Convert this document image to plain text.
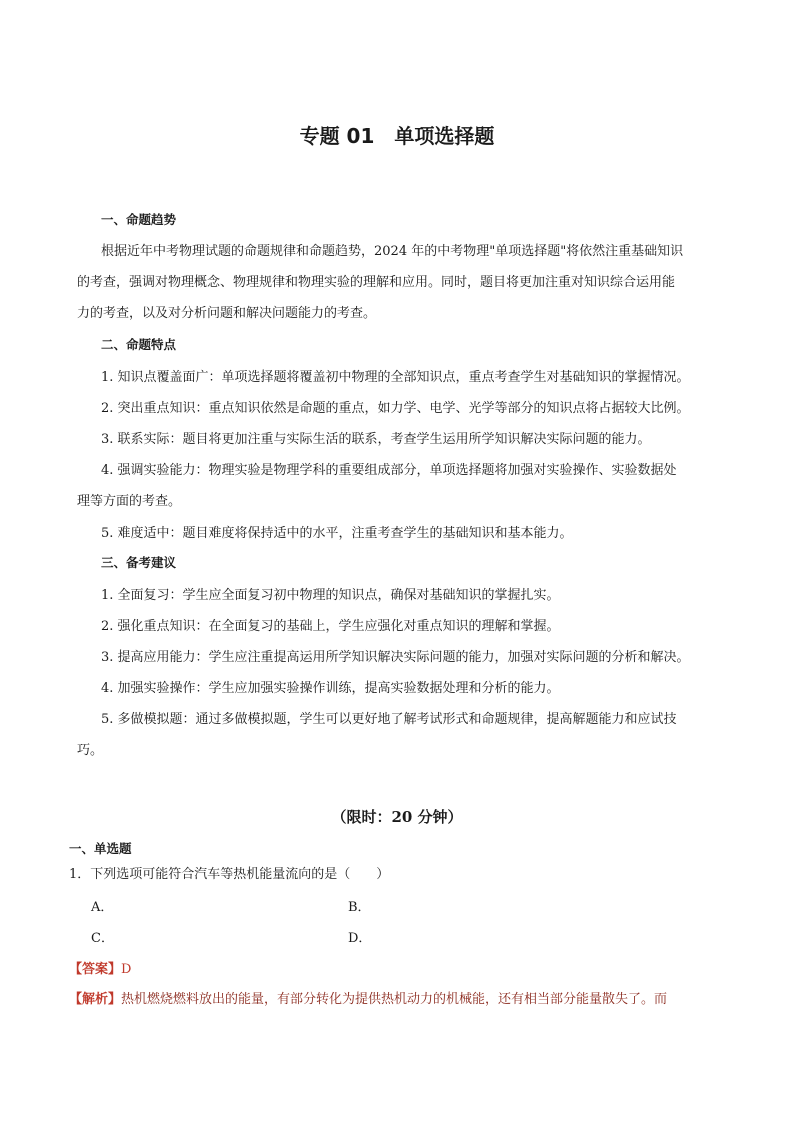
专题 01 单项选择题
一、命题趋势
根据近年中考物理试题的命题规律和命题趋势，2024 年的中考物理"单项选择题"将依然注重基础知识
的考查，强调对物理概念、物理规律和物理实验的理解和应用。同时，题目将更加注重对知识综合运用能
力的考查，以及对分析问题和解决问题能力的考查。
二、命题特点
1. 知识点覆盖面广：单项选择题将覆盖初中物理的全部知识点，重点考查学生对基础知识的掌握情况。
2. 突出重点知识：重点知识依然是命题的重点，如力学、电学、光学等部分的知识点将占据较大比例。
3. 联系实际：题目将更加注重与实际生活的联系，考查学生运用所学知识解决实际问题的能力。
4. 强调实验能力：物理实验是物理学科的重要组成部分，单项选择题将加强对实验操作、实验数据处
理等方面的考查。
5. 难度适中：题目难度将保持适中的水平，注重考查学生的基础知识和基本能力。
三、备考建议
1. 全面复习：学生应全面复习初中物理的知识点，确保对基础知识的掌握扎实。
2. 强化重点知识：在全面复习的基础上，学生应强化对重点知识的理解和掌握。
3. 提高应用能力：学生应注重提高运用所学知识解决实际问题的能力，加强对实际问题的分析和解决。
4. 加强实验操作：学生应加强实验操作训练，提高实验数据处理和分析的能力。
5. 多做模拟题：通过多做模拟题，学生可以更好地了解考试形式和命题规律，提高解题能力和应试技
巧。
（限时：20 分钟）
一、单选题
1．下列选项可能符合汽车等热机能量流向的是（　　）
A．	B．
C．	D．
【答案】D
【解析】热机燃烧燃料放出的能量，有部分转化为提供热机动力的机械能，还有相当部分能量散失了。而
